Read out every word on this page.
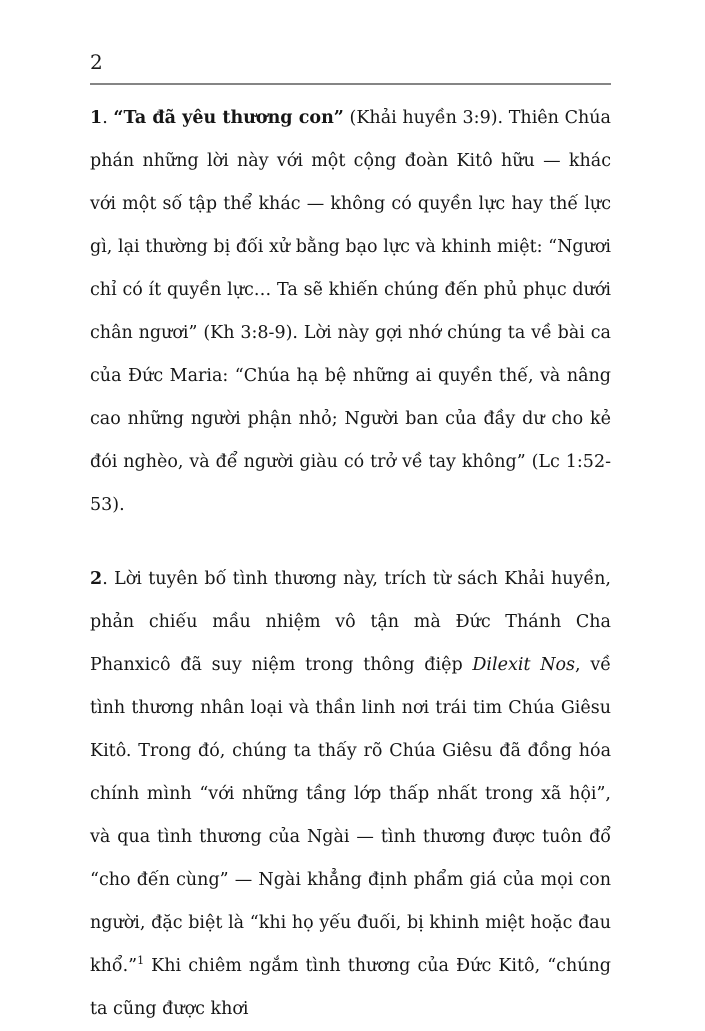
2

1. “Ta đã yêu thương con” (Khải huyền 3:9). Thiên Chúa phán những lời này với một cộng đoàn Kitô hữu — khác với một số tập thể khác — không có quyền lực hay thế lực gì, lại thường bị đối xử bằng bạo lực và khinh miệt: “Ngươi chỉ có ít quyền lực… Ta sẽ khiến chúng đến phủ phục dưới chân ngươi” (Kh 3:8-9). Lời này gợi nhớ chúng ta về bài ca của Đức Maria: “Chúa hạ bệ những ai quyền thế, và nâng cao những người phận nhỏ; Người ban của đầy dư cho kẻ đói nghèo, và để người giàu có trở về tay không” (Lc 1:52-53).

2. Lời tuyên bố tình thương này, trích từ sách Khải huyền, phản chiếu mầu nhiệm vô tận mà Đức Thánh Cha Phanxicô đã suy niệm trong thông điệp Dilexit Nos, về tình thương nhân loại và thần linh nơi trái tim Chúa Giêsu Kitô. Trong đó, chúng ta thấy rõ Chúa Giêsu đã đồng hóa chính mình “với những tầng lớp thấp nhất trong xã hội”, và qua tình thương của Ngài — tình thương được tuôn đổ “cho đến cùng” — Ngài khẳng định phẩm giá của mọi con người, đặc biệt là “khi họ yếu đuối, bị khinh miệt hoặc đau khổ.”$^1$ Khi chiêm ngắm tình thương của Đức Kitô, “chúng ta cũng được khơi
